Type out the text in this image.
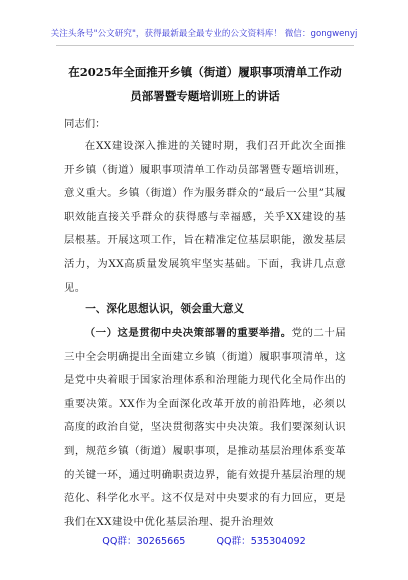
关注头条号"公文研究"，获得最新最全最专业的公文资料库！ 微信：gongwenyj
在2025年全面推开乡镇（街道）履职事项清单工作动员部署暨专题培训班上的讲话
同志们：

在XX建设深入推进的关键时期，我们召开此次全面推开乡镇（街道）履职事项清单工作动员部署暨专题培训班，意义重大。乡镇（街道）作为服务群众的“最后一公里”其履职效能直接关乎群众的获得感与幸福感，关乎XX建设的基层根基。开展这项工作，旨在精准定位基层职能，激发基层活力，为XX高质量发展筑牢坚实基础。下面，我讲几点意见。

一、深化思想认识，领会重大意义

（一）这是贯彻中央决策部署的重要举措。党的二十届三中全会明确提出全面建立乡镇（街道）履职事项清单，这是党中央着眼于国家治理体系和治理能力现代化全局作出的重要决策。XX作为全面深化改革开放的前沿阵地，必须以高度的政治自觉，坚决贯彻落实中央决策。我们要深刻认识到，规范乡镇（街道）履职事项，是推动基层治理体系变革的关键一环，通过明确职责边界，能有效提升基层治理的规范化、科学化水平。这不仅是对中央要求的有力回应，更是我们在XX建设中优化基层治理、提升治理效

QQ群：30265665	QQ群：535304092
